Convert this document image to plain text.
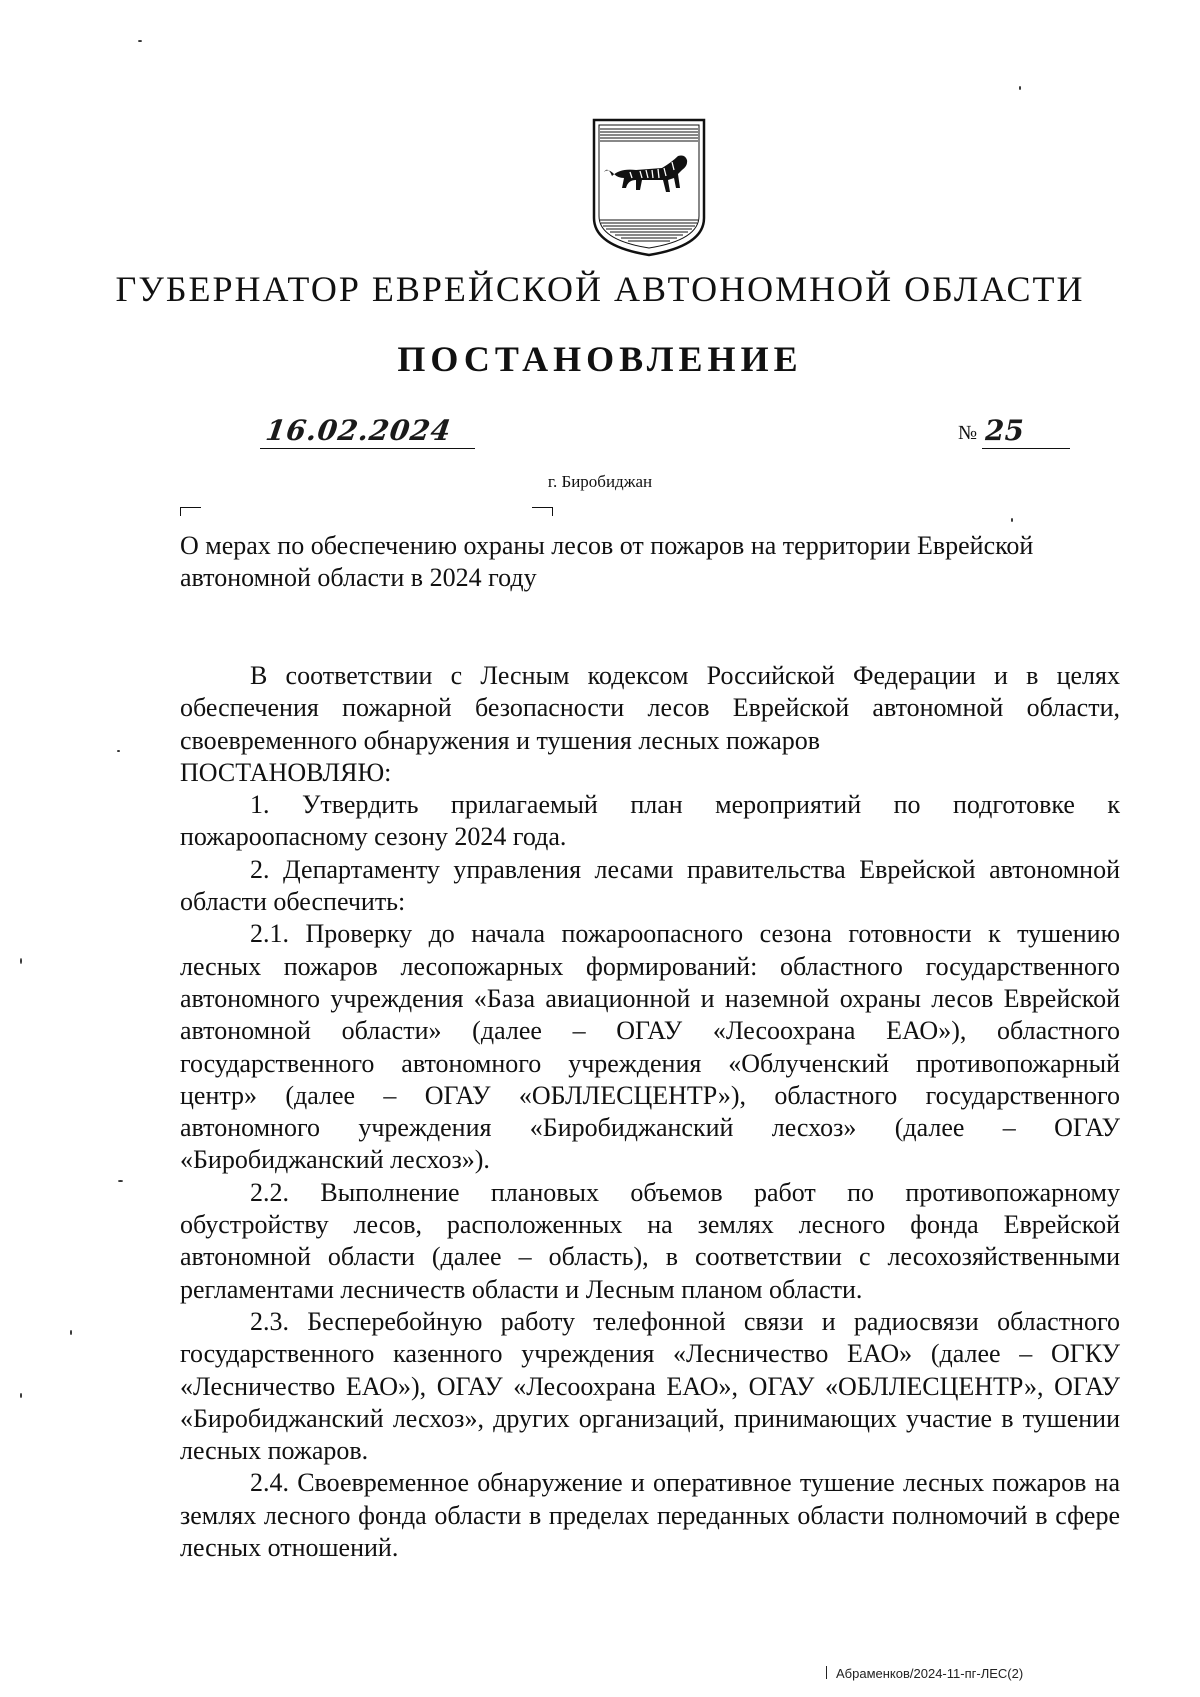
ГУБЕРНАТОР ЕВРЕЙСКОЙ АВТОНОМНОЙ ОБЛАСТИ
ПОСТАНОВЛЕНИЕ
16.02.2024	№ 25
г. Биробиджан
О мерах по обеспечению охраны лесов от пожаров на территории Еврейской автономной области в 2024 году

В соответствии с Лесным кодексом Российской Федерации и в целях обеспечения пожарной безопасности лесов Еврейской автономной области, своевременного обнаружения и тушения лесных пожаров

ПОСТАНОВЛЯЮ:

1. Утвердить прилагаемый план мероприятий по подготовке к пожароопасному сезону 2024 года.

2. Департаменту управления лесами правительства Еврейской автономной области обеспечить:

2.1. Проверку до начала пожароопасного сезона готовности к тушению лесных пожаров лесопожарных формирований: областного государственного автономного учреждения «База авиационной и наземной охраны лесов Еврейской автономной области» (далее – ОГАУ «Лесоохрана ЕАО»), областного государственного автономного учреждения «Облученский противопожарный центр» (далее – ОГАУ «ОБЛЛЕСЦЕНТР»), областного государственного автономного учреждения «Биробиджанский лесхоз» (далее – ОГАУ «Биробиджанский лесхоз»).

2.2. Выполнение плановых объемов работ по противопожарному обустройству лесов, расположенных на землях лесного фонда Еврейской автономной области (далее – область), в соответствии с лесохозяйственными регламентами лесничеств области и Лесным планом области.

2.3. Бесперебойную работу телефонной связи и радиосвязи областного государственного казенного учреждения «Лесничество ЕАО» (далее – ОГКУ «Лесничество ЕАО»), ОГАУ «Лесоохрана ЕАО», ОГАУ «ОБЛЛЕСЦЕНТР», ОГАУ «Биробиджанский лесхоз», других организаций, принимающих участие в тушении лесных пожаров.

2.4. Своевременное обнаружение и оперативное тушение лесных пожаров на землях лесного фонда области в пределах переданных области полномочий в сфере лесных отношений.

Абраменков/2024-11-пг-ЛЕС(2)
